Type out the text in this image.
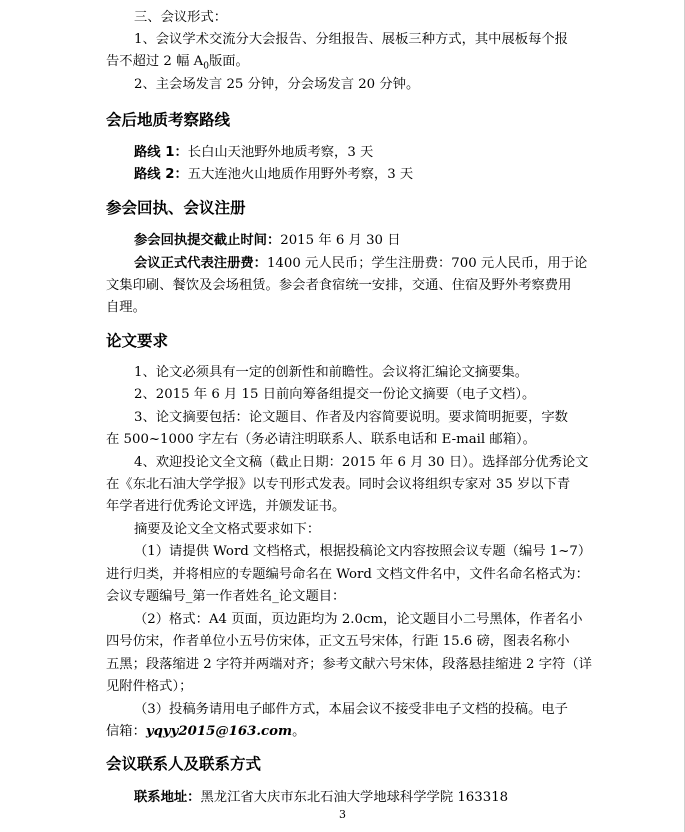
三、会议形式：
1、会议学术交流分大会报告、分组报告、展板三种方式，其中展板每个报
告不超过 2 幅 $A_0$版面。
2、主会场发言 25 分钟，分会场发言 20 分钟。
会后地质考察路线
路线 1：长白山天池野外地质考察，3 天
路线 2：五大连池火山地质作用野外考察，3 天
参会回执、会议注册
参会回执提交截止时间：2015 年 6 月 30 日
会议正式代表注册费：1400 元人民币；学生注册费：700 元人民币，用于论
文集印刷、餐饮及会场租赁。参会者食宿统一安排，交通、住宿及野外考察费用
自理。
论文要求
1、论文必须具有一定的创新性和前瞻性。会议将汇编论文摘要集。
2、2015 年 6 月 15 日前向筹备组提交一份论文摘要（电子文档）。
3、论文摘要包括：论文题目、作者及内容简要说明。要求简明扼要，字数
在 500~1000 字左右（务必请注明联系人、联系电话和 E-mail 邮箱）。
4、欢迎投论文全文稿（截止日期：2015 年 6 月 30 日）。选择部分优秀论文
在《东北石油大学学报》以专刊形式发表。同时会议将组织专家对 35 岁以下青
年学者进行优秀论文评选，并颁发证书。
摘要及论文全文格式要求如下：
（1）请提供 Word 文档格式，根据投稿论文内容按照会议专题（编号 1~7）
进行归类，并将相应的专题编号命名在 Word 文档文件名中，文件名命名格式为：
会议专题编号_第一作者姓名_论文题目：
（2）格式：A4 页面，页边距均为 2.0cm，论文题目小二号黑体，作者名小
四号仿宋，作者单位小五号仿宋体，正文五号宋体，行距 15.6 磅，图表名称小
五黑；段落缩进 2 字符并两端对齐；参考文献六号宋体，段落悬挂缩进 2 字符（详
见附件格式）；
（3）投稿务请用电子邮件方式，本届会议不接受非电子文档的投稿。电子
信箱：yqyy2015@163.com。
会议联系人及联系方式
联系地址：黑龙江省大庆市东北石油大学地球科学学院 163318
3
